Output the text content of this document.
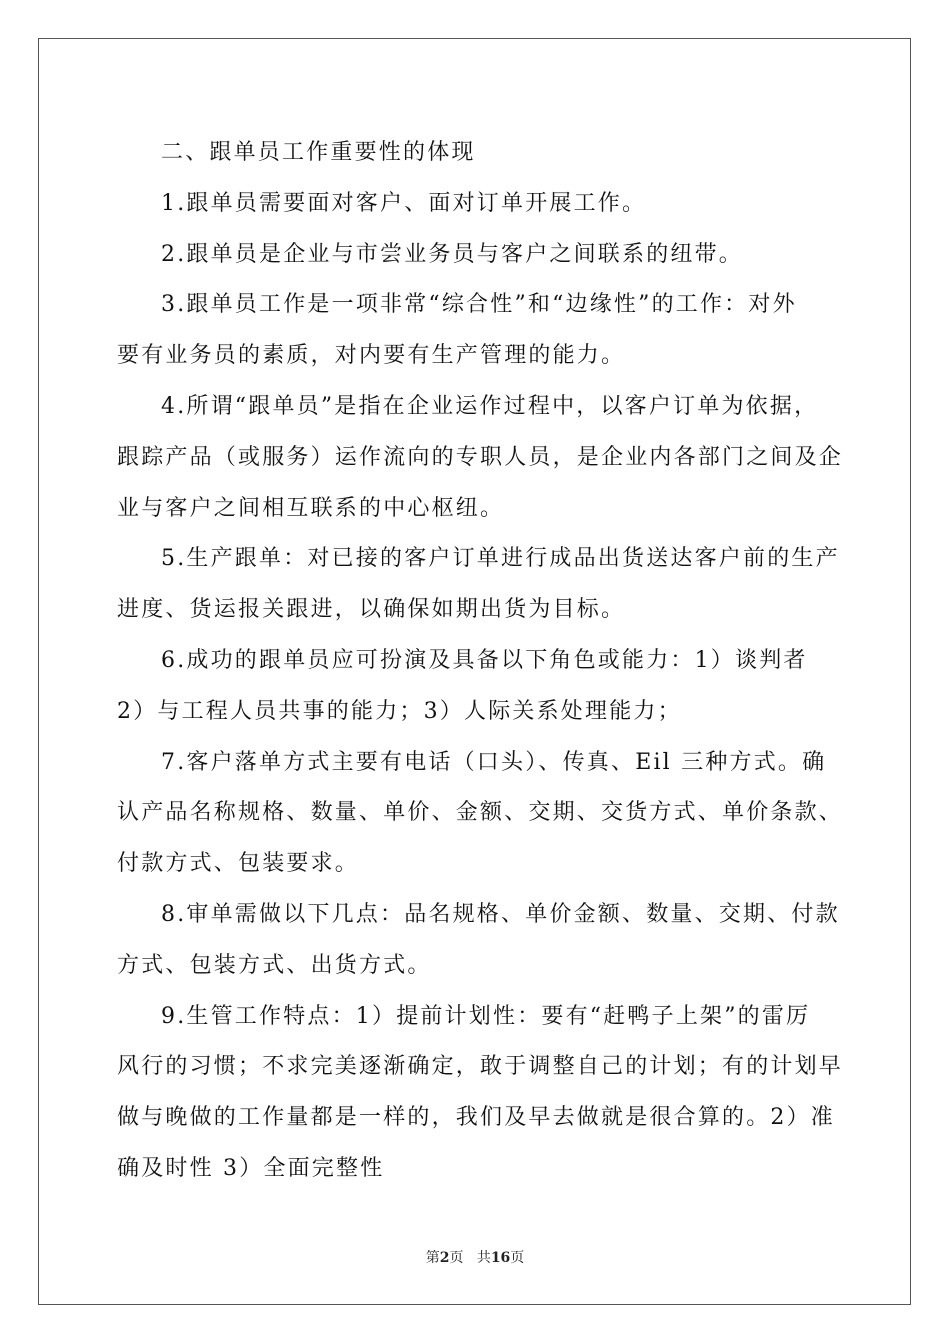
二、跟单员工作重要性的体现
1.跟单员需要面对客户、面对订单开展工作。
2.跟单员是企业与市尝业务员与客户之间联系的纽带。
3.跟单员工作是一项非常“综合性”和“边缘性”的工作：对外
要有业务员的素质，对内要有生产管理的能力。
4.所谓“跟单员”是指在企业运作过程中，以客户订单为依据，
跟踪产品（或服务）运作流向的专职人员，是企业内各部门之间及企
业与客户之间相互联系的中心枢纽。
5.生产跟单：对已接的客户订单进行成品出货送达客户前的生产
进度、货运报关跟进，以确保如期出货为目标。
6.成功的跟单员应可扮演及具备以下角色或能力：1）谈判者
2）与工程人员共事的能力；3）人际关系处理能力；
7.客户落单方式主要有电话（口头）、传真、Eil 三种方式。确
认产品名称规格、数量、单价、金额、交期、交货方式、单价条款、
付款方式、包装要求。
8.审单需做以下几点：品名规格、单价金额、数量、交期、付款
方式、包装方式、出货方式。
9.生管工作特点：1）提前计划性：要有“赶鸭子上架”的雷厉
风行的习惯；不求完美逐渐确定，敢于调整自己的计划；有的计划早
做与晚做的工作量都是一样的，我们及早去做就是很合算的。2）准
确及时性 3）全面完整性
第2页 共16页
